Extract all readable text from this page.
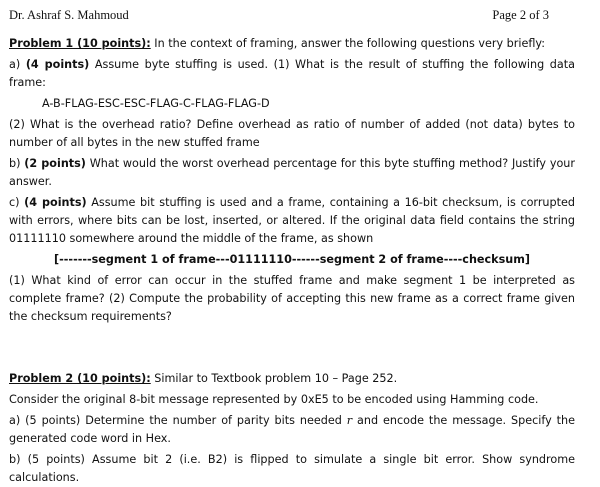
Dr. Ashraf S. Mahmoud	Page 2 of 3

Problem 1 (10 points): In the context of framing, answer the following questions very briefly:

a) (4 points) Assume byte stuffing is used. (1) What is the result of stuffing the following data frame:

A-B-FLAG-ESC-ESC-FLAG-C-FLAG-FLAG-D

(2) What is the overhead ratio? Define overhead as ratio of number of added (not data) bytes to number of all bytes in the new stuffed frame

b) (2 points) What would the worst overhead percentage for this byte stuffing method? Justify your answer.

c) (4 points) Assume bit stuffing is used and a frame, containing a 16-bit checksum, is corrupted with errors, where bits can be lost, inserted, or altered. If the original data field contains the string 01111110 somewhere around the middle of the frame, as shown

[-------segment 1 of frame---01111110------segment 2 of frame----checksum]

(1) What kind of error can occur in the stuffed frame and make segment 1 be interpreted as complete frame? (2) Compute the probability of accepting this new frame as a correct frame given the checksum requirements?

Problem 2 (10 points): Similar to Textbook problem 10 – Page 252.

Consider the original 8-bit message represented by 0xE5 to be encoded using Hamming code.

a) (5 points) Determine the number of parity bits needed r and encode the message. Specify the generated code word in Hex.

b) (5 points) Assume bit 2 (i.e. B2) is flipped to simulate a single bit error. Show syndrome calculations.
